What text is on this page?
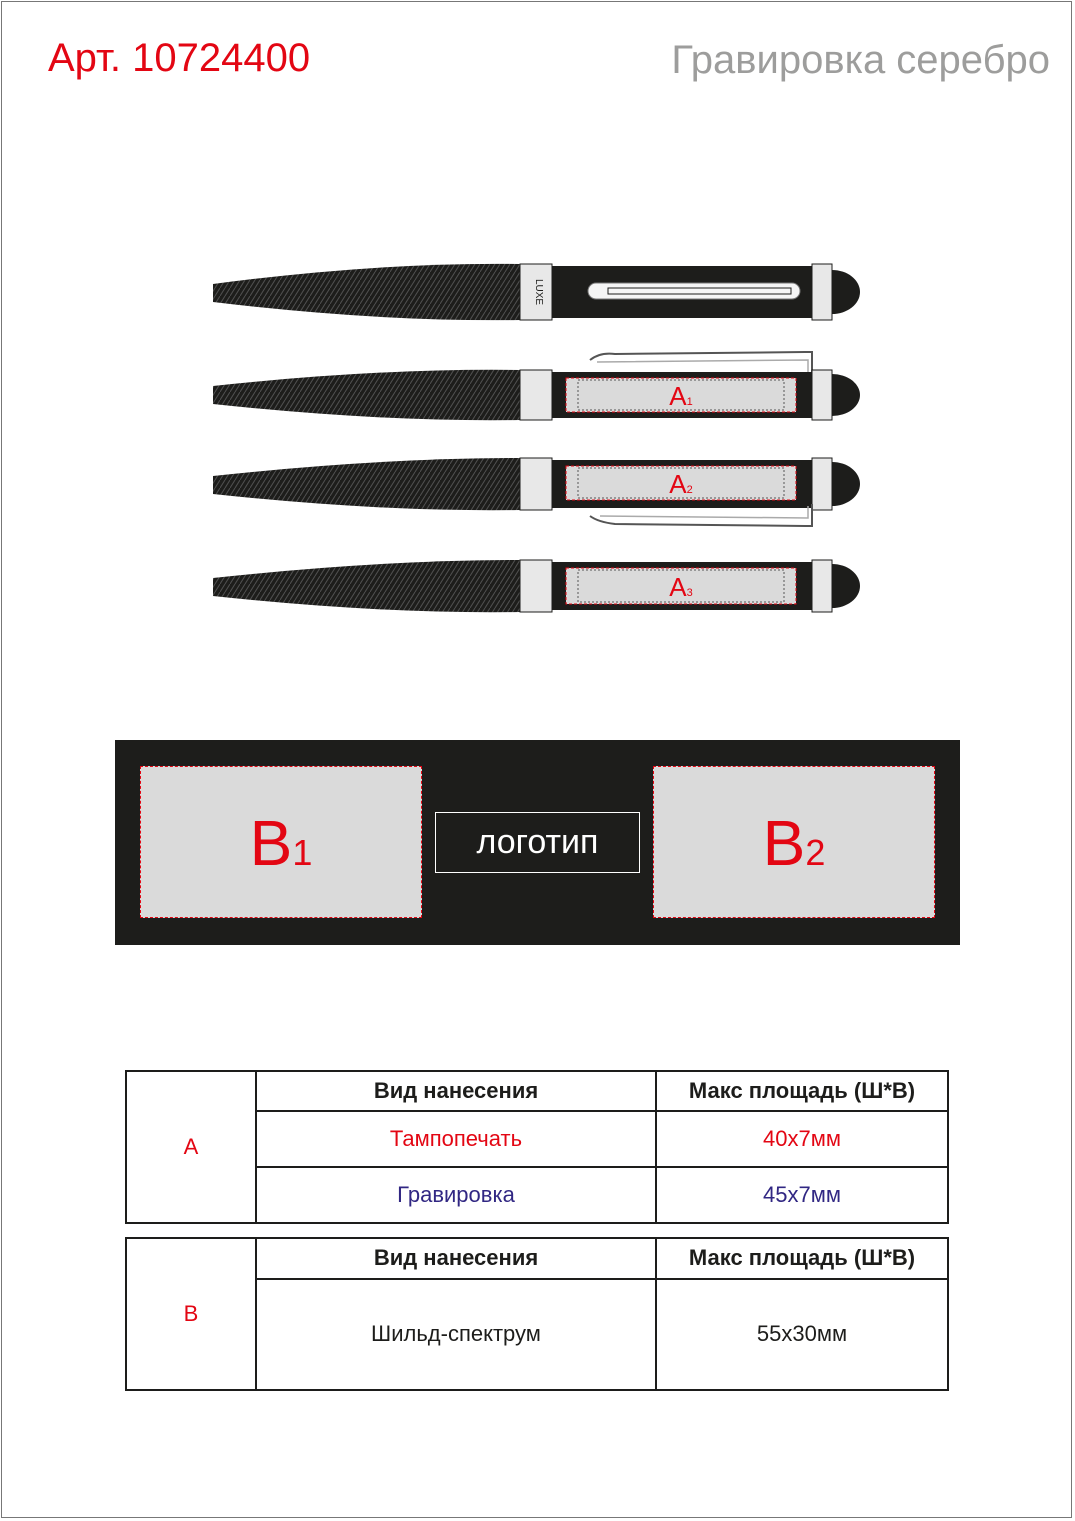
Арт. 10724400	Гравировка серебро
LUXE
A1
A2
A3
B1	логотип	B2
A	Вид нанесения	Макс площадь (Ш*В)
	Тампопечать	40x7мм
	Гравировка	45x7мм
B	Вид нанесения	Макс площадь (Ш*В)
	Шильд-спектрум	55x30мм
